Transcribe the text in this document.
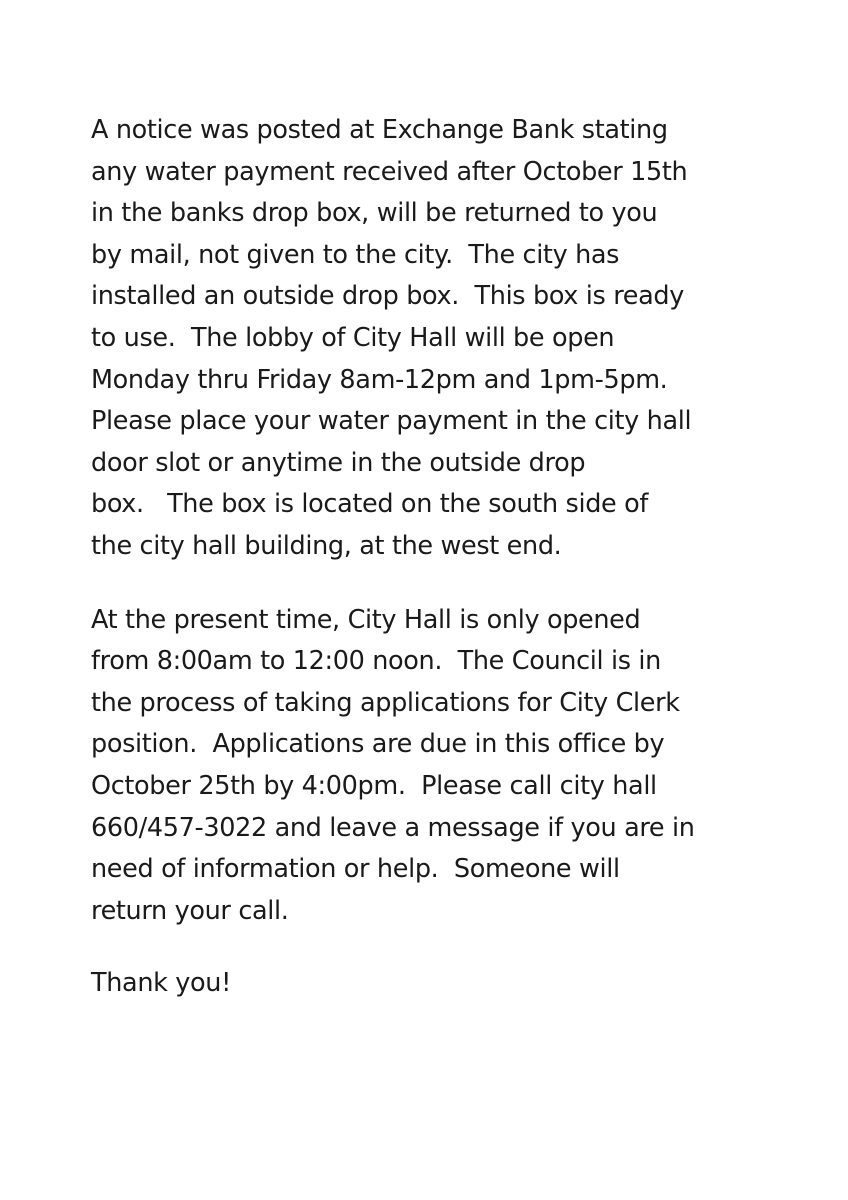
A notice was posted at Exchange Bank stating
any water payment received after October 15th
in the banks drop box, will be returned to you
by mail, not given to the city.  The city has
installed an outside drop box.  This box is ready
to use.  The lobby of City Hall will be open
Monday thru Friday 8am-12pm and 1pm-5pm.
Please place your water payment in the city hall
door slot or anytime in the outside drop
box.   The box is located on the south side of
the city hall building, at the west end.
At the present time, City Hall is only opened
from 8:00am to 12:00 noon.  The Council is in
the process of taking applications for City Clerk
position.  Applications are due in this office by
October 25th by 4:00pm.  Please call city hall
660/457-3022 and leave a message if you are in
need of information or help.  Someone will
return your call.
Thank you!
